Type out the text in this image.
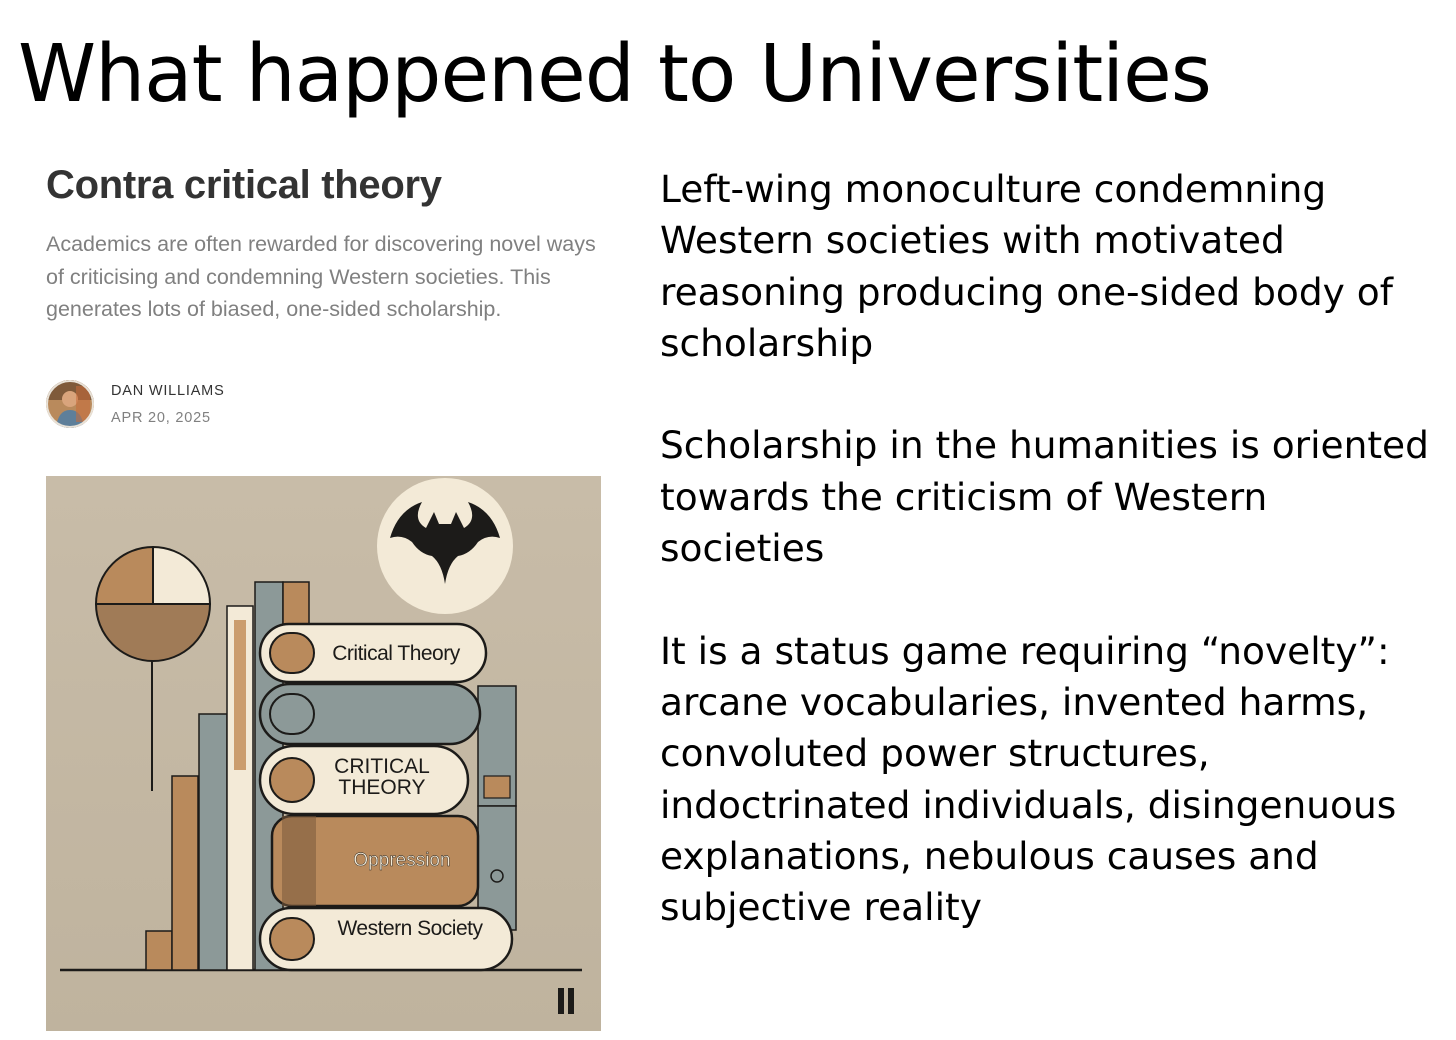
What happened to Universities
Contra critical theory

Academics are often rewarded for discovering novel ways of criticising and condemning Western societies. This generates lots of biased, one-sided scholarship.

DAN WILLIAMS
APR 20, 2025
Critical Theory
CRITICAL
THEORY
Oppression
Western Society

Left-wing monoculture condemning Western societies with motivated reasoning producing one-sided body of scholarship

Scholarship in the humanities is oriented towards the criticism of Western societies

It is a status game requiring “novelty”: arcane vocabularies, invented harms, convoluted power structures, indoctrinated individuals, disingenuous explanations, nebulous causes and subjective reality
